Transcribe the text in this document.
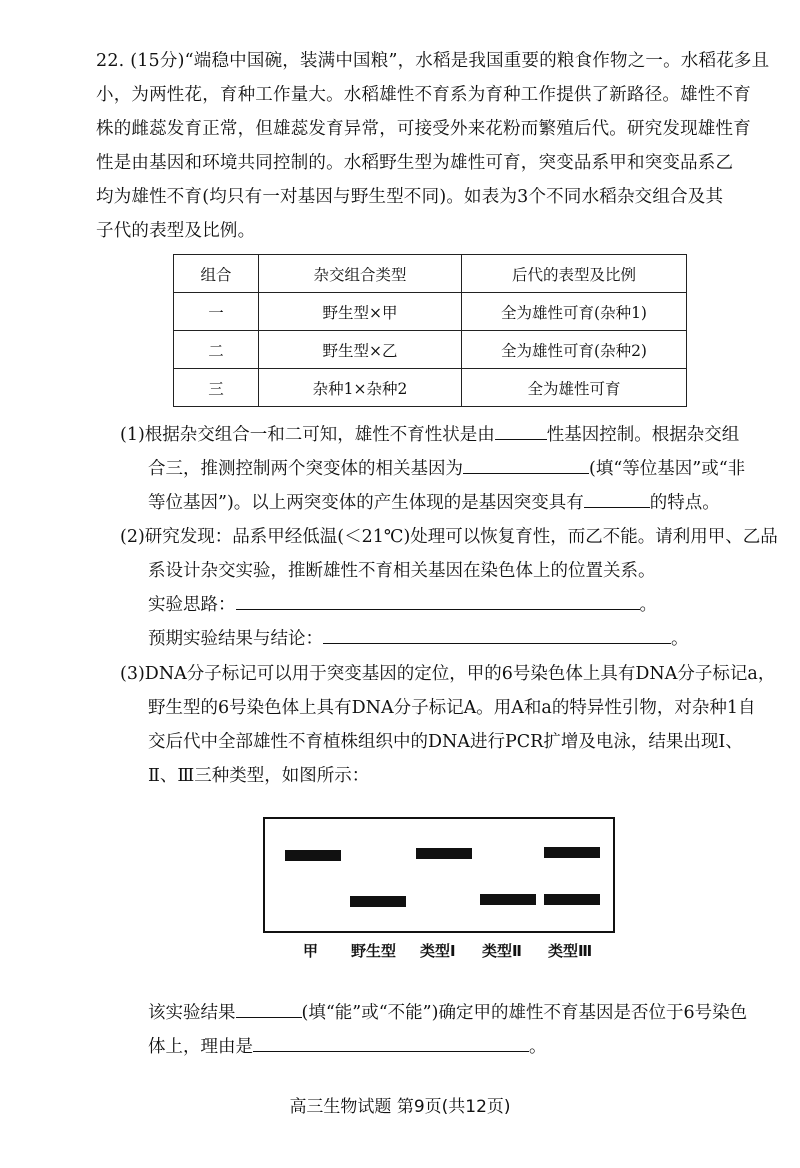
22. (15分)“端稳中国碗，装满中国粮”，水稻是我国重要的粮食作物之一。水稻花多且
小，为两性花，育种工作量大。水稻雄性不育系为育种工作提供了新路径。雄性不育
株的雌蕊发育正常，但雄蕊发育异常，可接受外来花粉而繁殖后代。研究发现雄性育
性是由基因和环境共同控制的。水稻野生型为雄性可育，突变品系甲和突变品系乙
均为雄性不育(均只有一对基因与野生型不同)。如表为3个不同水稻杂交组合及其
子代的表型及比例。
组合	杂交组合类型	后代的表型及比例
一	野生型×甲	全为雄性可育(杂种1)
二	野生型×乙	全为雄性可育(杂种2)
三	杂种1×杂种2	全为雄性可育
(1)根据杂交组合一和二可知，雄性不育性状是由	性基因控制。根据杂交组
合三，推测控制两个突变体的相关基因为	(填“等位基因”或“非
等位基因”)。以上两突变体的产生体现的是基因突变具有	的特点。
(2)研究发现：品系甲经低温(＜21℃)处理可以恢复育性，而乙不能。请利用甲、乙品
系设计杂交实验，推断雄性不育相关基因在染色体上的位置关系。
实验思路：	。
预期实验结果与结论：	。
(3)DNA分子标记可以用于突变基因的定位，甲的6号染色体上具有DNA分子标记a，
野生型的6号染色体上具有DNA分子标记A。用A和a的特异性引物，对杂种1自
交后代中全部雄性不育植株组织中的DNA进行PCR扩增及电泳，结果出现Ⅰ、
Ⅱ、Ⅲ三种类型，如图所示：
甲 野生型 类型Ⅰ 类型Ⅱ 类型Ⅲ
该实验结果	(填“能”或“不能”)确定甲的雄性不育基因是否位于6号染色
体上，理由是	。
高三生物试题 第9页(共12页)
